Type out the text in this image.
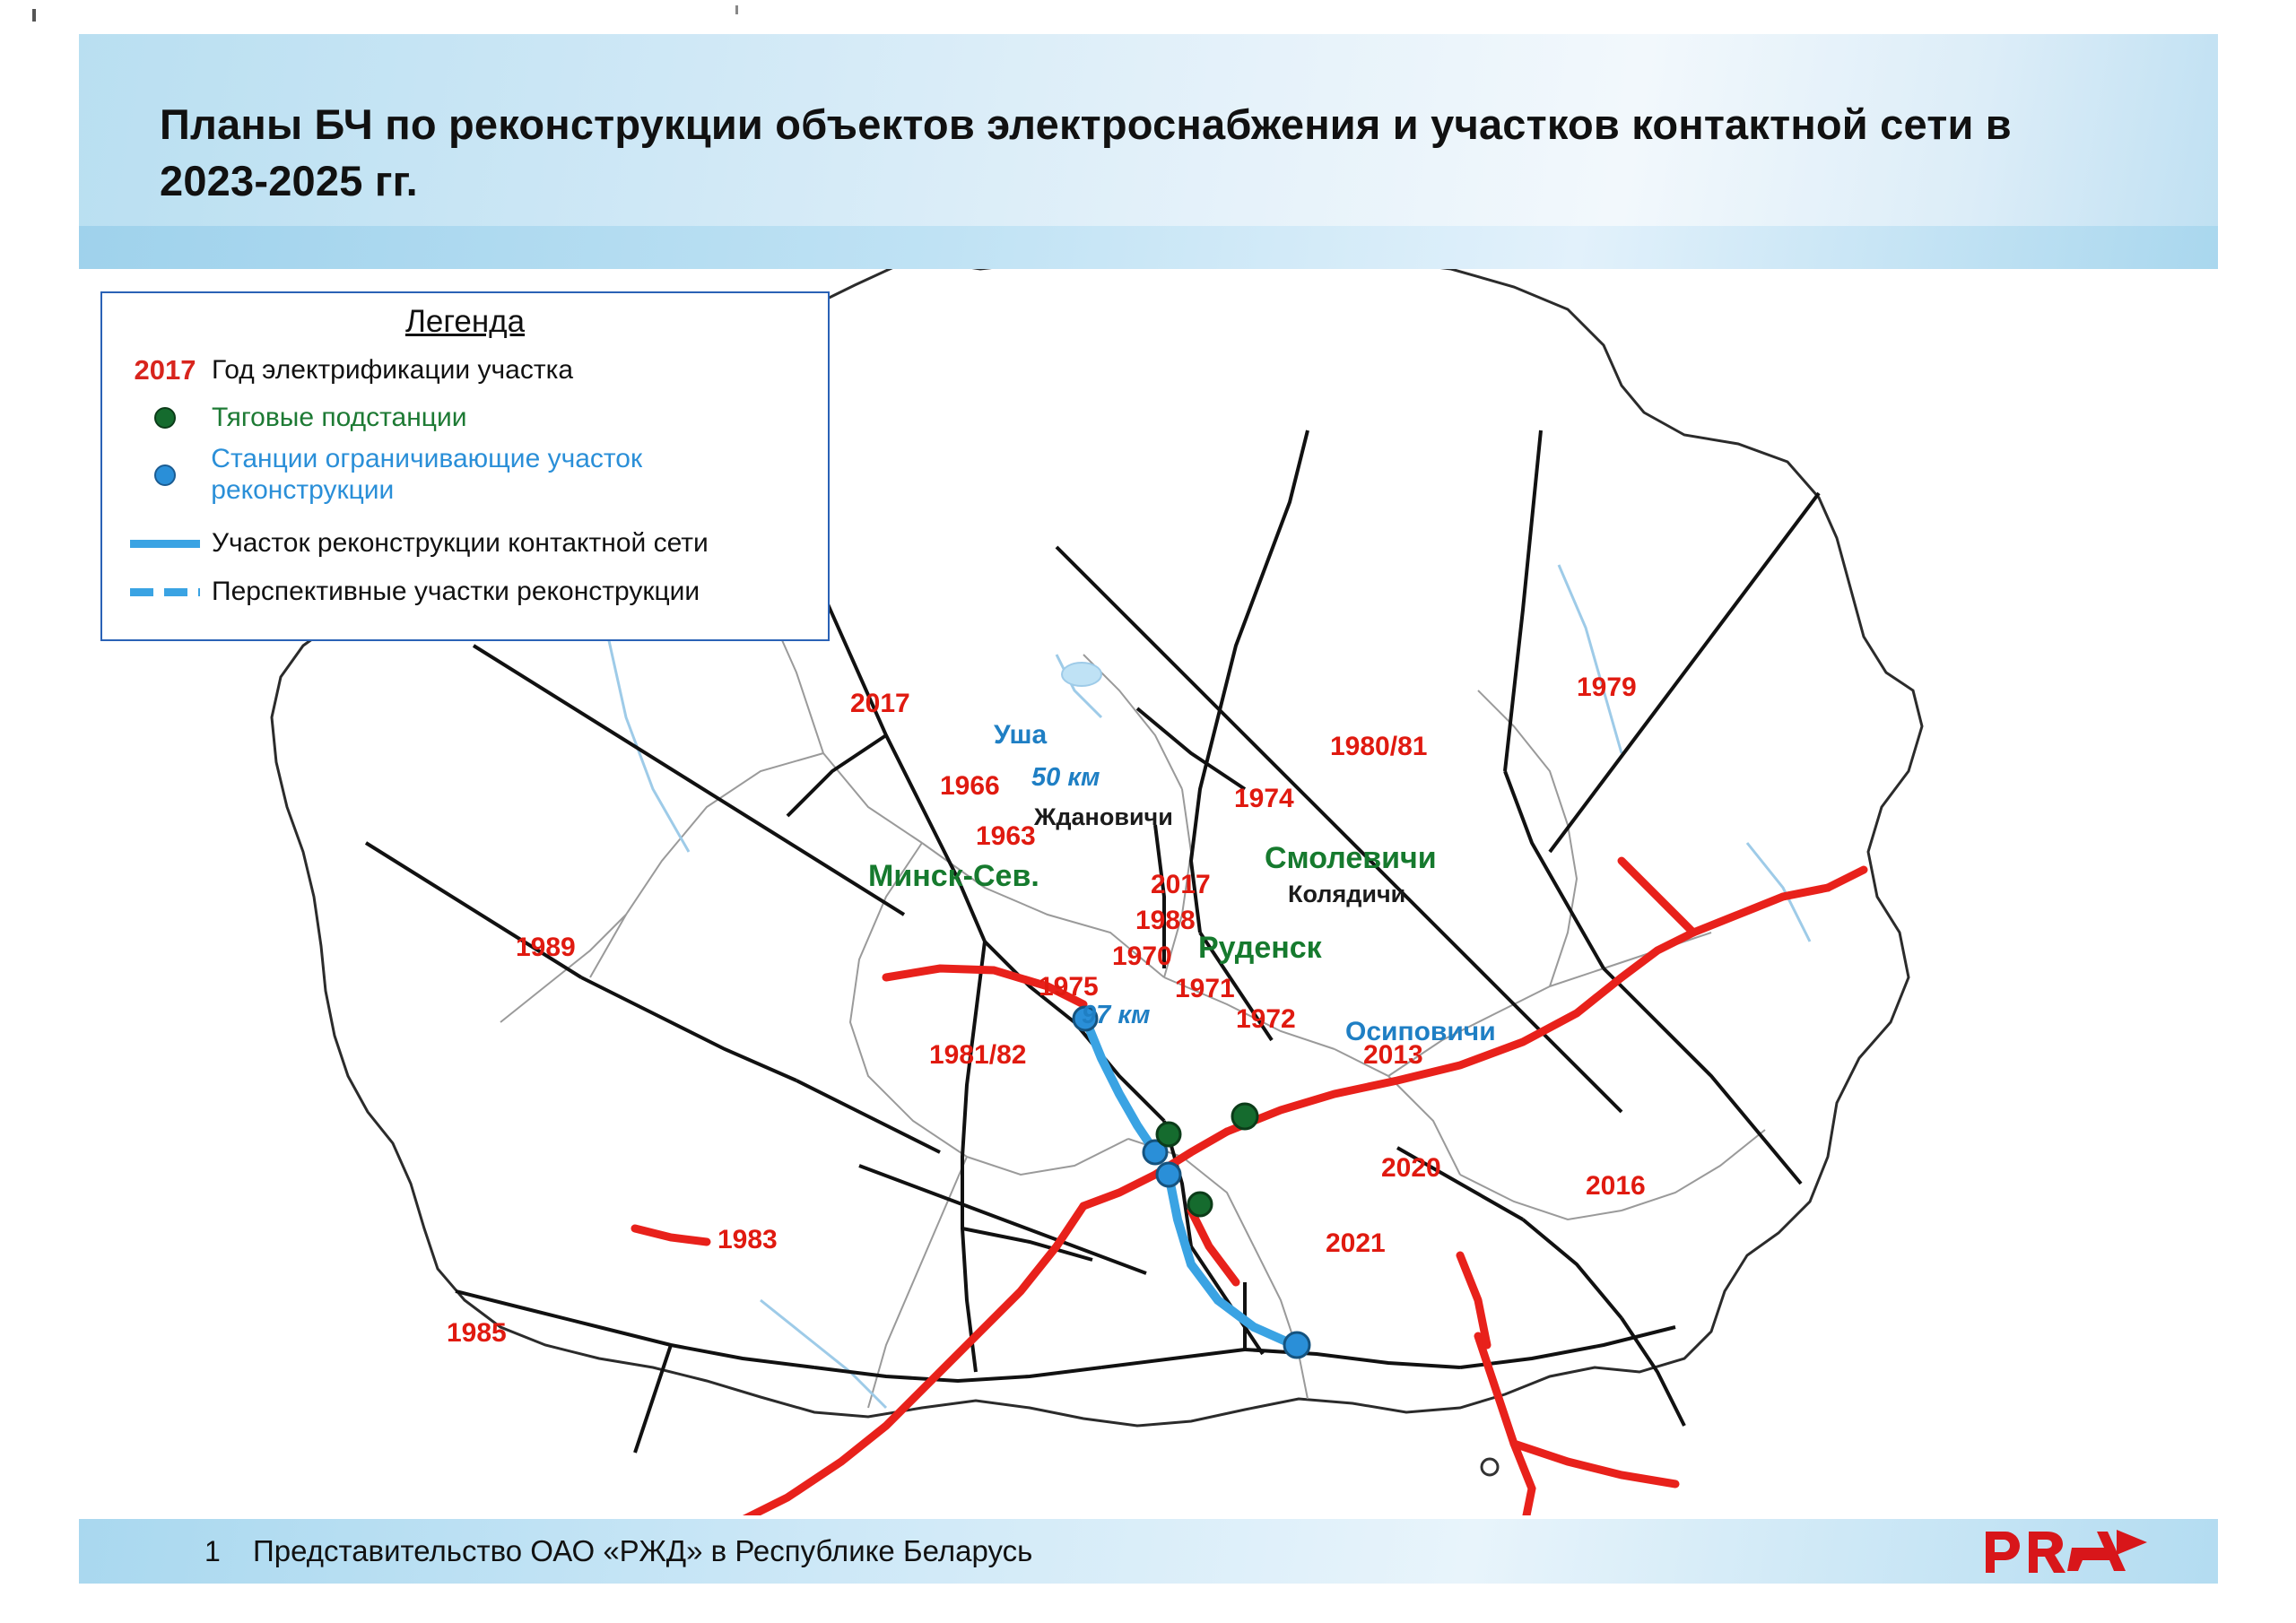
Планы БЧ по реконструкции объектов электроснабжения и участков контактной сети в 2023-2025 гг.
2017
1979
1966
1980/81
1963
1974
2017
1988
1970
1975	1971
1972
1989
1981/82	2013
2020
2016
2021
1983
1985
Уша
50 км
Ждановичи
Смолевичи
Колядичи
Минск-Сев.
Руденск
97 км
Осиповичи
Легенда
2017 Год электрификации участка
Тяговые подстанции
Станции ограничивающие участок реконструкции
Участок реконструкции контактной сети
Перспективные участки реконструкции
1 Представительство ОАО «РЖД» в Республике Беларусь
